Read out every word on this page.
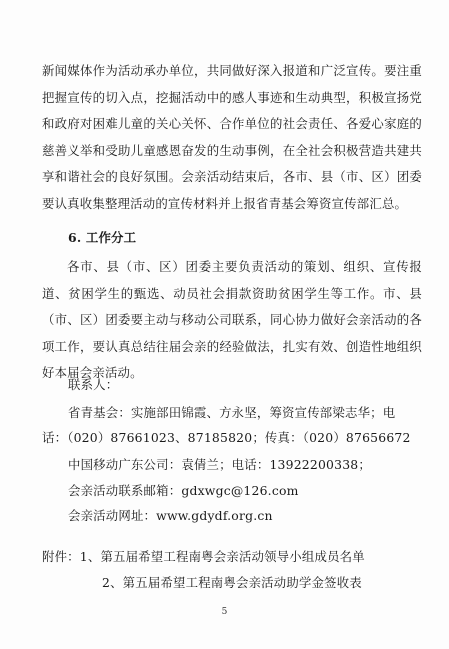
新闻媒体作为活动承办单位，共同做好深入报道和广泛宣传。要注重把握宣传的切入点，挖掘活动中的感人事迹和生动典型，积极宣扬党和政府对困难儿童的关心关怀、合作单位的社会责任、各爱心家庭的慈善义举和受助儿童感恩奋发的生动事例，在全社会积极营造共建共享和谐社会的良好氛围。会亲活动结束后，各市、县（市、区）团委要认真收集整理活动的宣传材料并上报省青基会筹资宣传部汇总。
6. 工作分工
各市、县（市、区）团委主要负责活动的策划、组织、宣传报道、贫困学生的甄选、动员社会捐款资助贫困学生等工作。市、县（市、区）团委要主动与移动公司联系，同心协力做好会亲活动的各项工作，要认真总结往届会亲的经验做法，扎实有效、创造性地组织好本届会亲活动。
联系人：
省青基会：实施部田锦霞、方永坚，筹资宣传部梁志华；电
话：（020）87661023、87185820；传真：（020）87656672
中国移动广东公司：袁倩兰；电话：13922200338；
会亲活动联系邮箱：gdxwgc@126.com
会亲活动网址：www.gdydf.org.cn
附件：1、第五届希望工程南粤会亲活动领导小组成员名单
2、第五届希望工程南粤会亲活动助学金签收表
5
